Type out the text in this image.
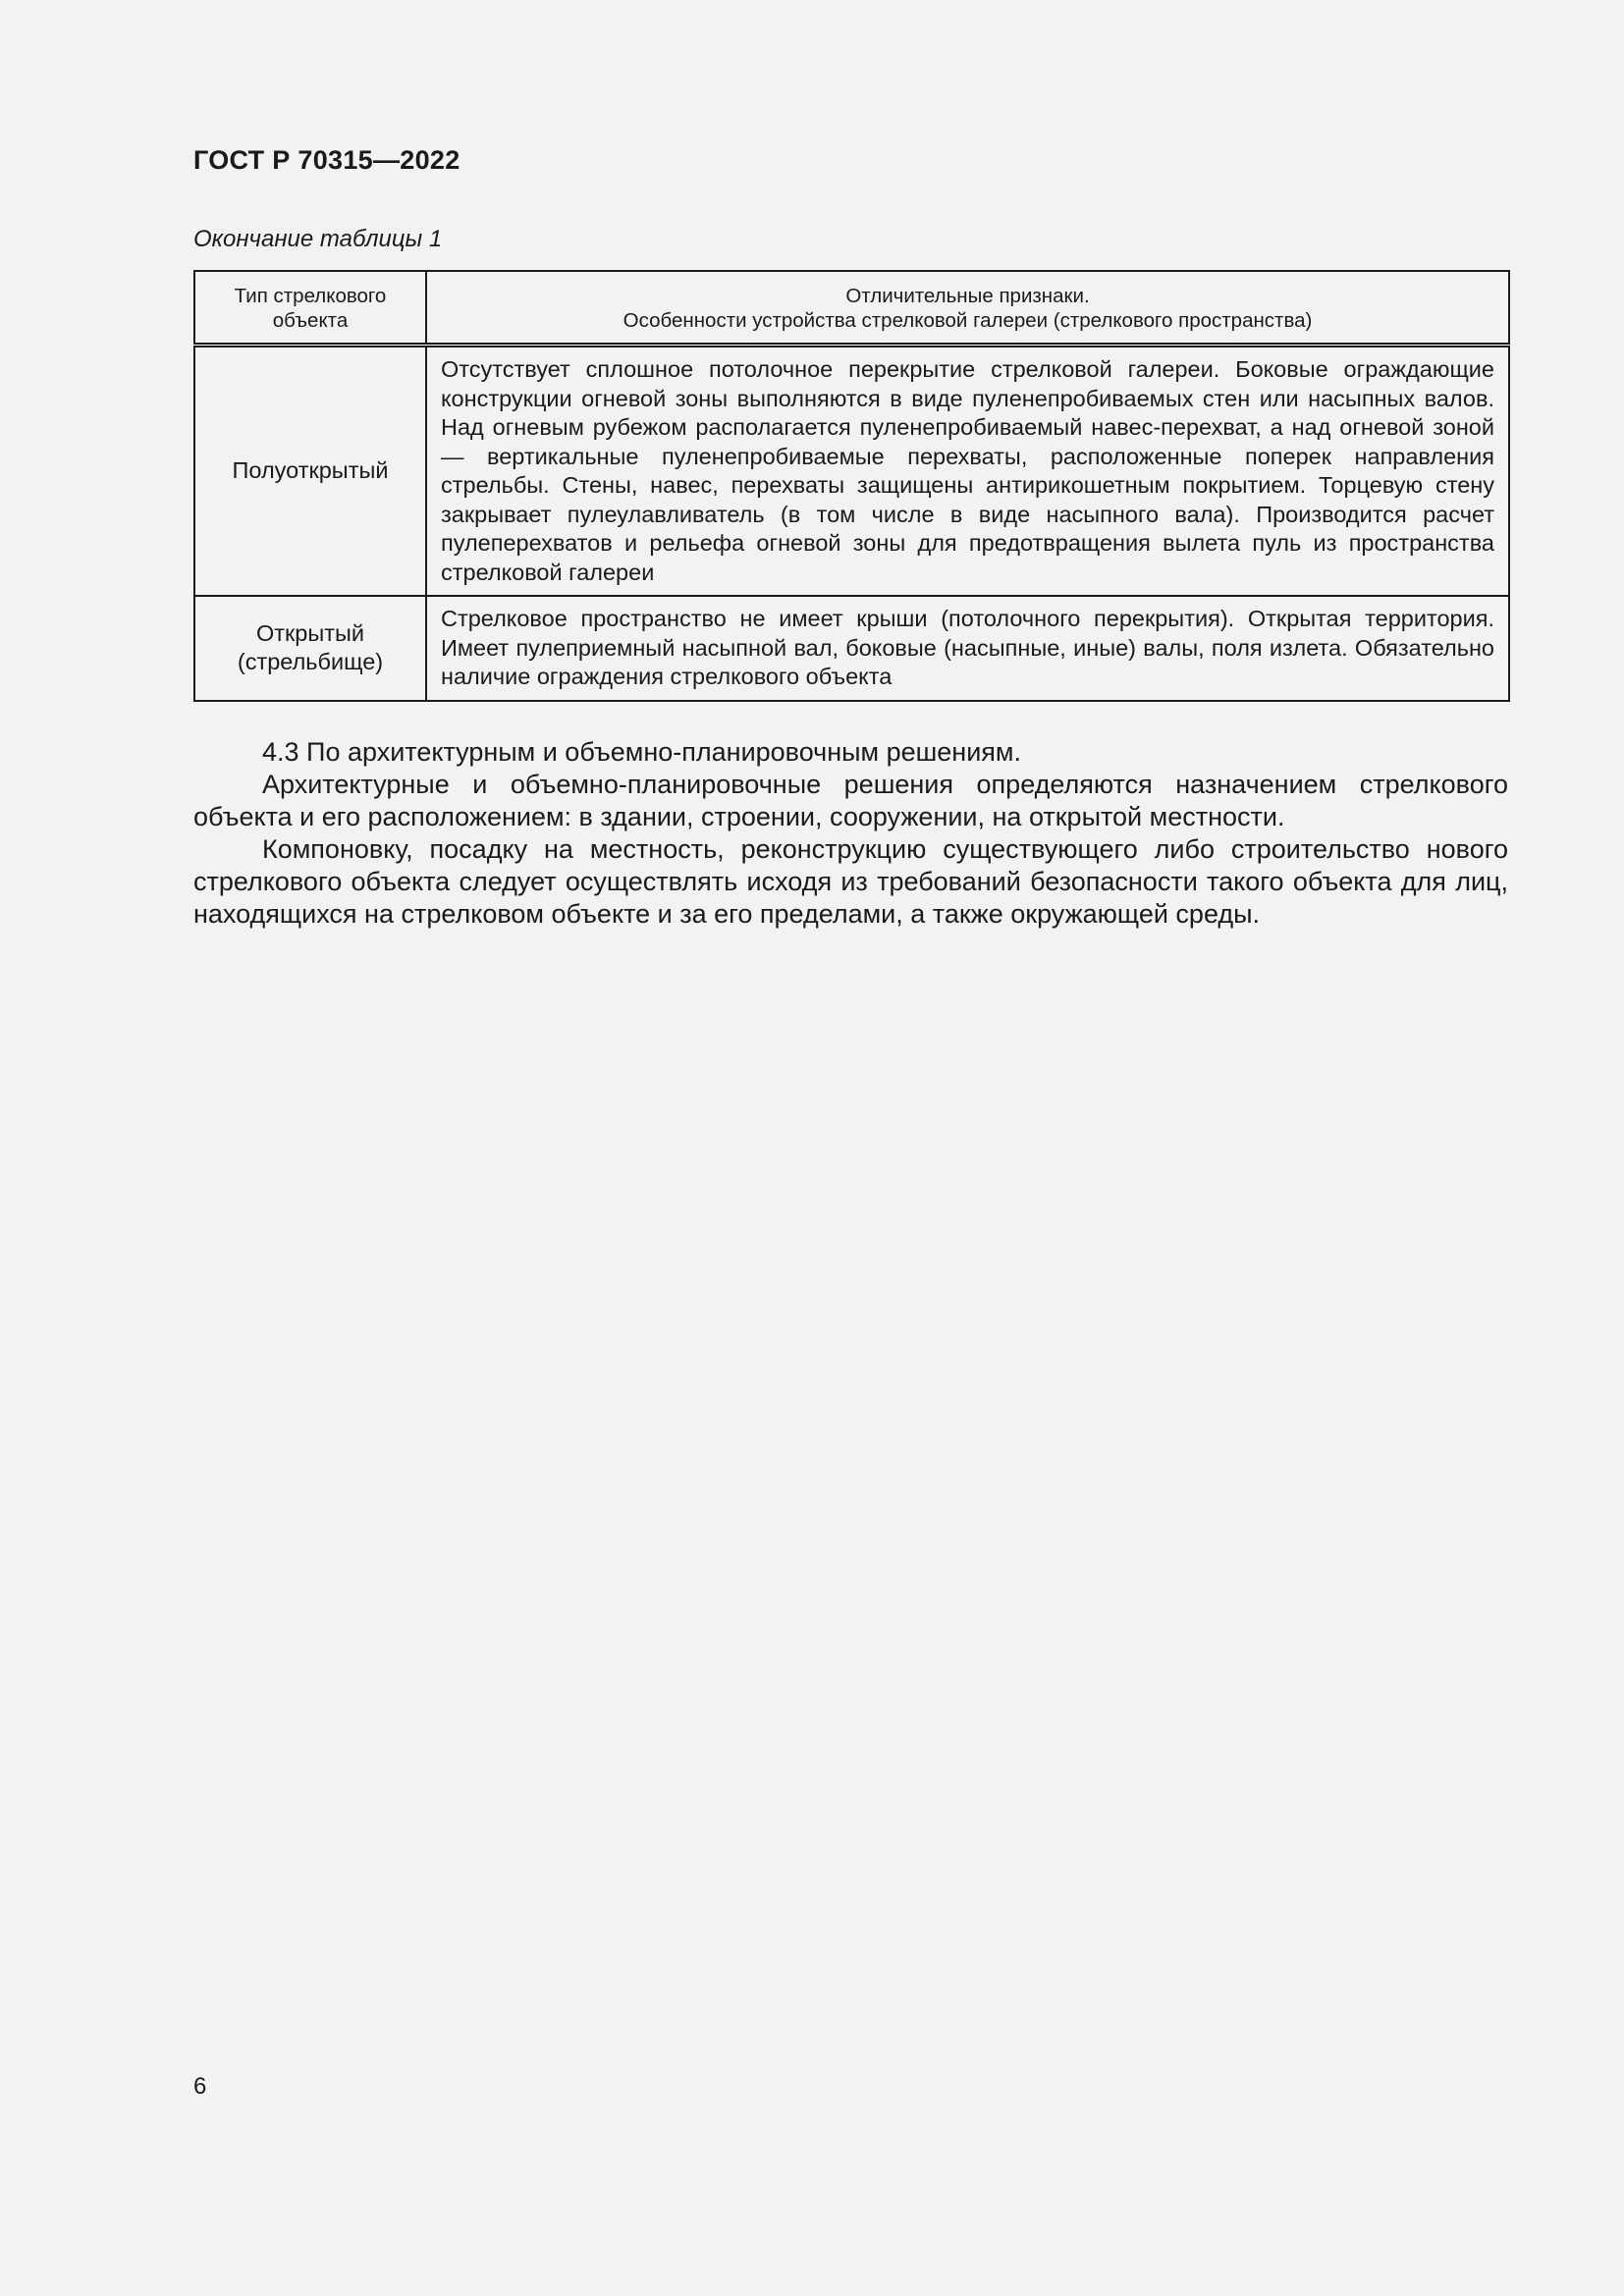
ГОСТ Р 70315—2022
Окончание таблицы 1
Тип стрелкового
объекта	Отличительные признаки.
Особенности устройства стрелковой галереи (стрелкового пространства)
Полуоткрытый	Отсутствует сплошное потолочное перекрытие стрелковой галереи. Боковые ограждающие конструкции огневой зоны выполняются в виде пуленепробиваемых стен или насыпных валов. Над огневым рубежом располагается пуленепробиваемый навес-перехват, а над огневой зоной — вертикальные пуленепробиваемые перехваты, расположенные поперек направления стрельбы. Стены, навес, перехваты защищены антирикошетным покрытием. Торцевую стену закрывает пулеулавливатель (в том числе в виде насыпного вала). Производится расчет пулеперехватов и рельефа огневой зоны для предотвращения вылета пуль из пространства стрелковой галереи
Открытый
(стрельбище)	Стрелковое пространство не имеет крыши (потолочного перекрытия). Открытая территория. Имеет пулеприемный насыпной вал, боковые (насыпные, иные) валы, поля излета. Обязательно наличие ограждения стрелкового объекта

4.3 По архитектурным и объемно-планировочным решениям.

Архитектурные и объемно-планировочные решения определяются назначением стрелкового объекта и его расположением: в здании, строении, сооружении, на открытой местности.

Компоновку, посадку на местность, реконструкцию существующего либо строительство нового стрелкового объекта следует осуществлять исходя из требований безопасности такого объекта для лиц, находящихся на стрелковом объекте и за его пределами, а также окружающей среды.

6
